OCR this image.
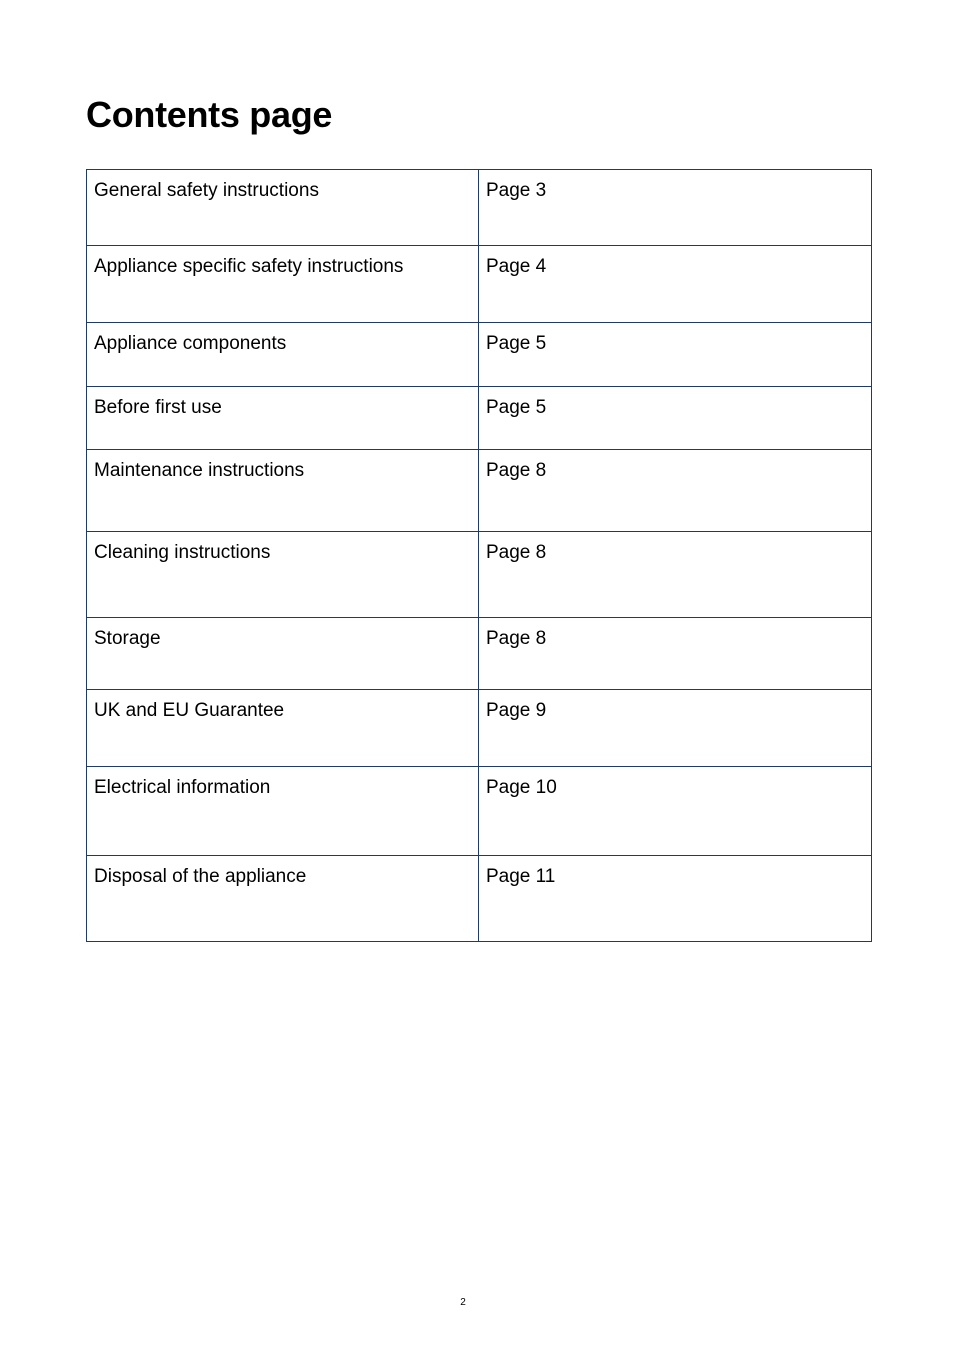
Contents page
General safety instructions	Page 3
Appliance specific safety instructions	Page 4
Appliance components	Page 5
Before first use	Page 5
Maintenance instructions	Page 8
Cleaning instructions	Page 8
Storage	Page 8
UK and EU Guarantee	Page 9
Electrical information	Page 10
Disposal of the appliance	Page 11
2
